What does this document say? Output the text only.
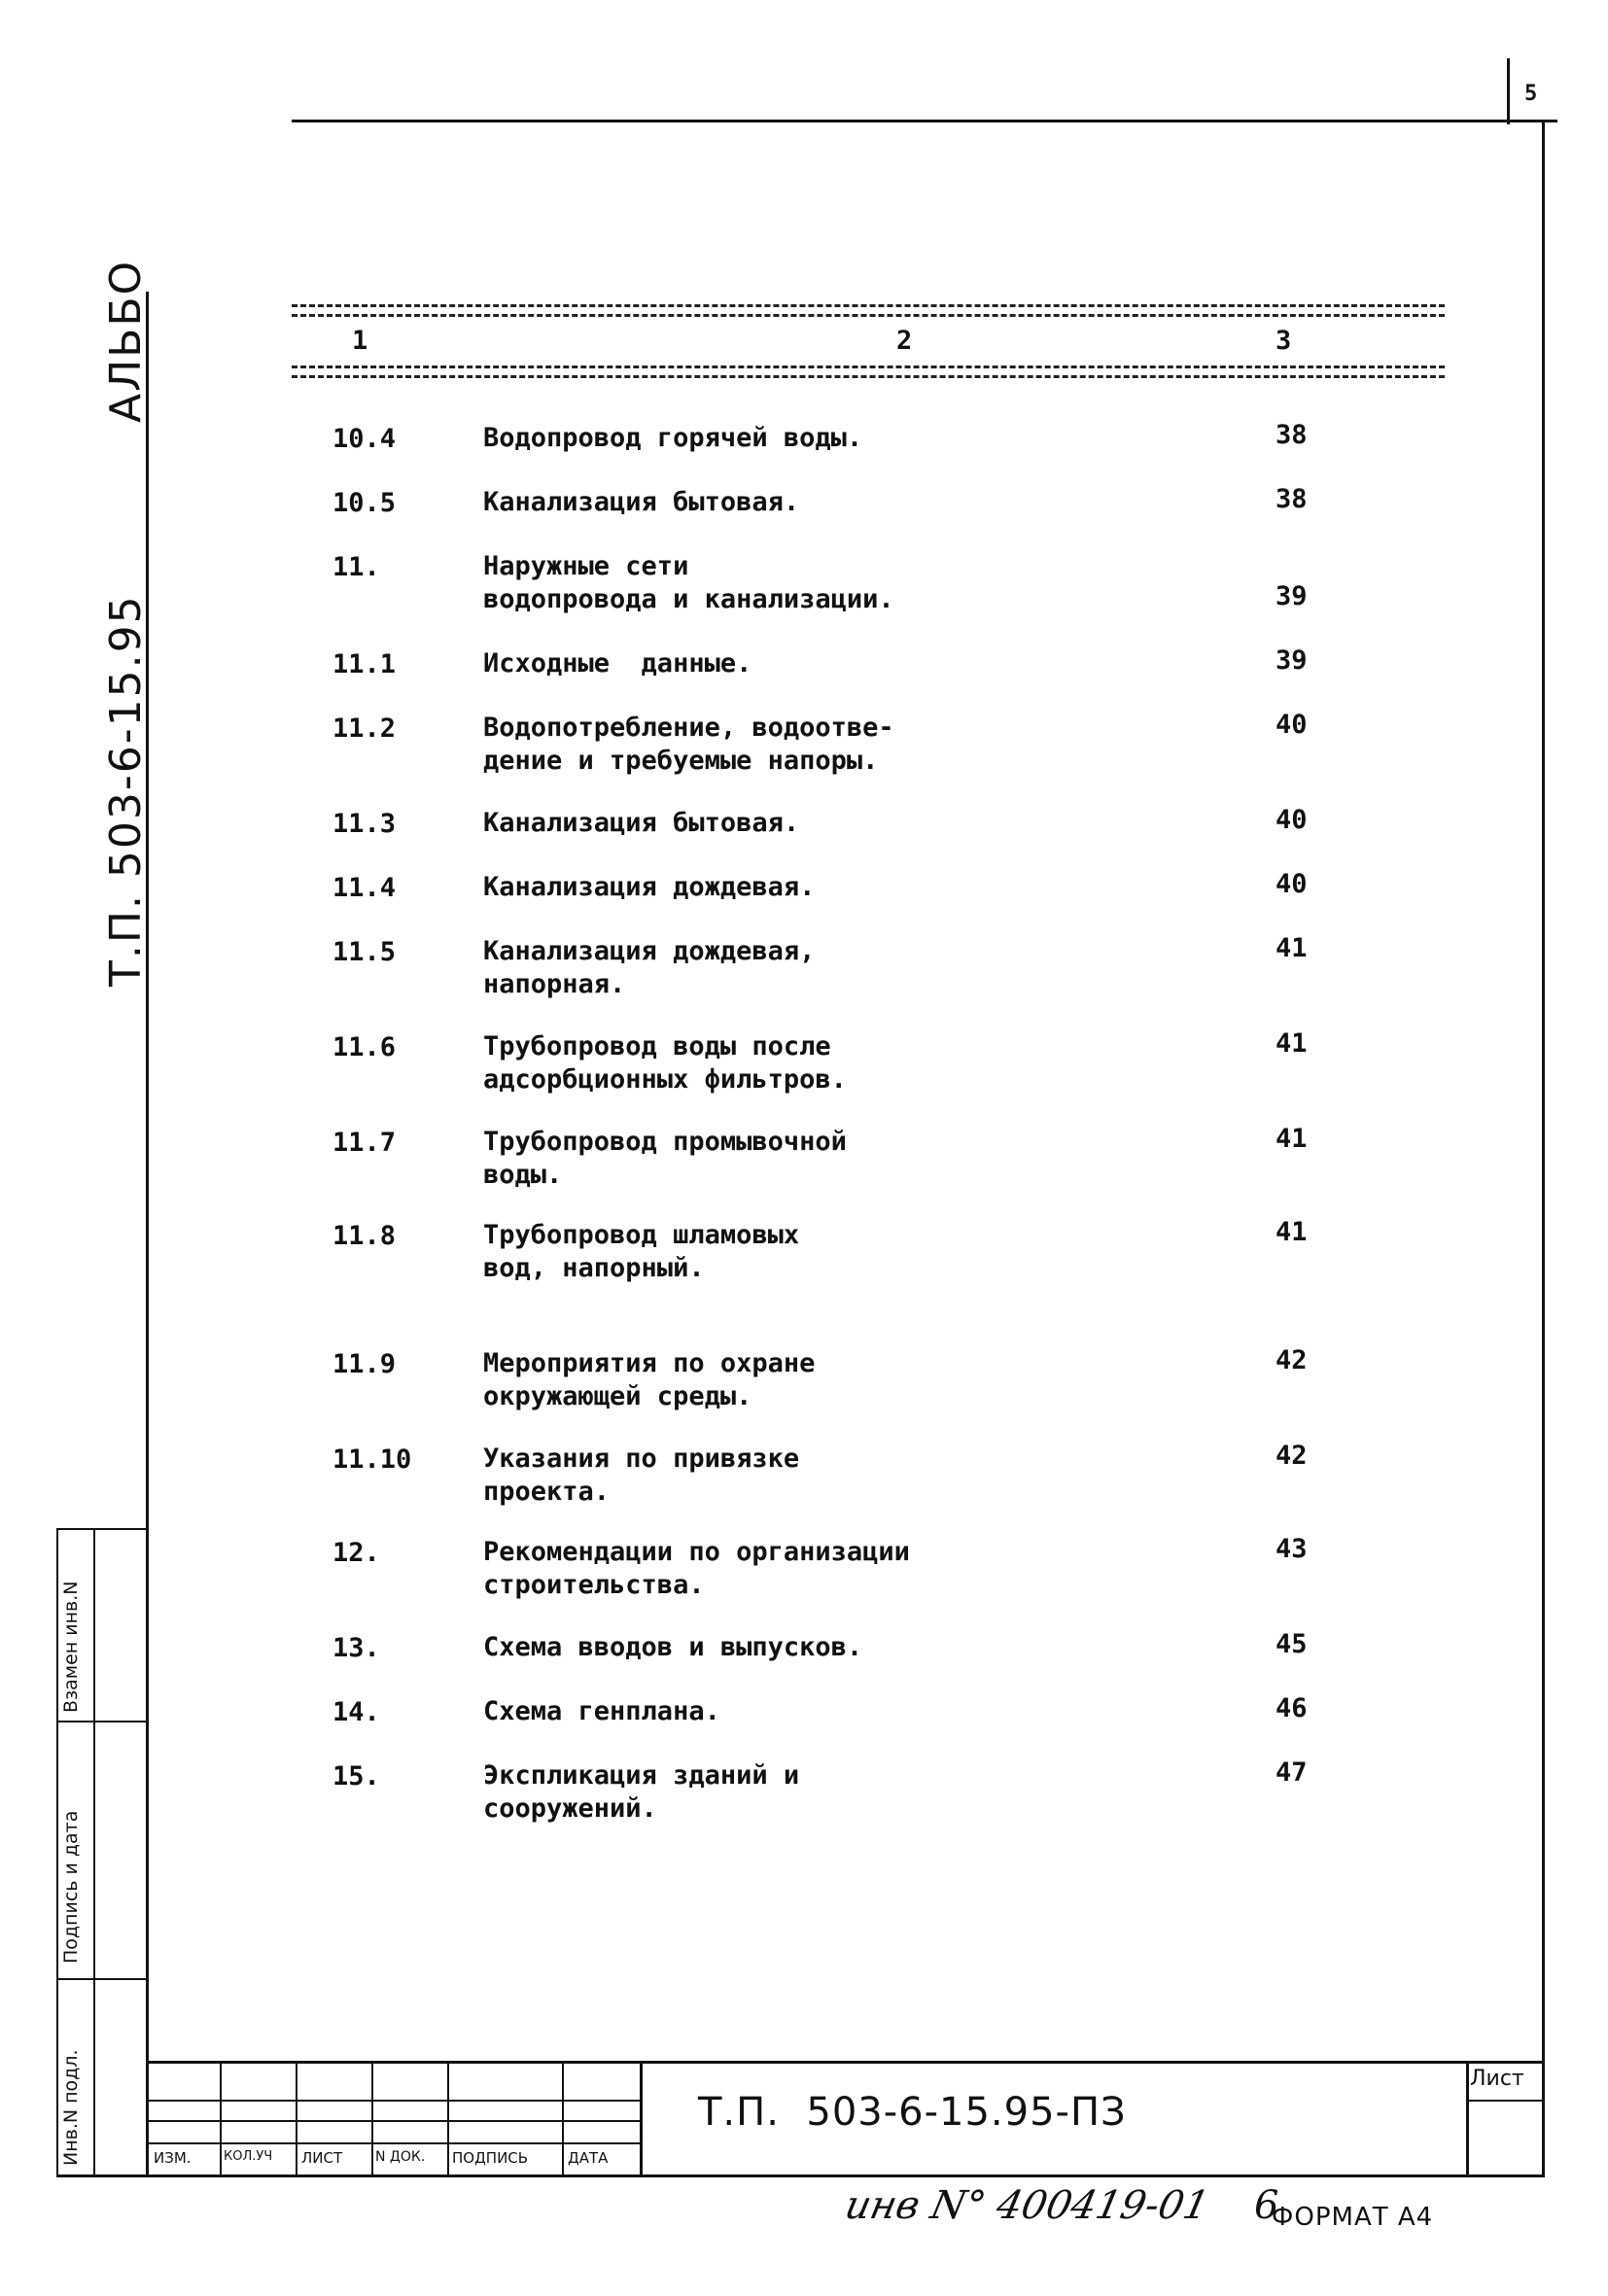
5
Т.П. 503-6-15.95
АЛЬБО
Взамен инв.N
Подпись и дата
Инв.N подл.
1	2	3
10.4	Водопровод горячей воды.	38
10.5	Канализация бытовая.	38
11.	Наружные сети
водопровода и канализации.	39
11.1	Исходные  данные.	39
11.2	Водопотребление, водоотве-
дение и требуемые напоры.
40
11.3	Канализация бытовая.	40
11.4	Канализация дождевая.	40
11.5	Канализация дождевая,
напорная.
41
11.6	Трубопровод воды после
адсорбционных фильтров.
41
11.7	Трубопровод промывочной
воды.
41
11.8	Трубопровод шламовых
вод, напорный.
41
11.9	Мероприятия по охране
окружающей среды.
42
11.10	Указания по привязке
проекта.
42
12.	Рекомендации по организации
строительства.
43
13.	Схема вводов и выпусков.	45
14.	Схема генплана.	46
15.	Экспликация зданий и
сооружений.
47
ИЗМ.	КОЛ.УЧ ЛИСТ N ДОК. ПОДПИСЬ	ДАТА
Т.П.  503-6-15.95-ПЗ
Лист
инв N° 400419-01 6
ФОРМАТ А4
